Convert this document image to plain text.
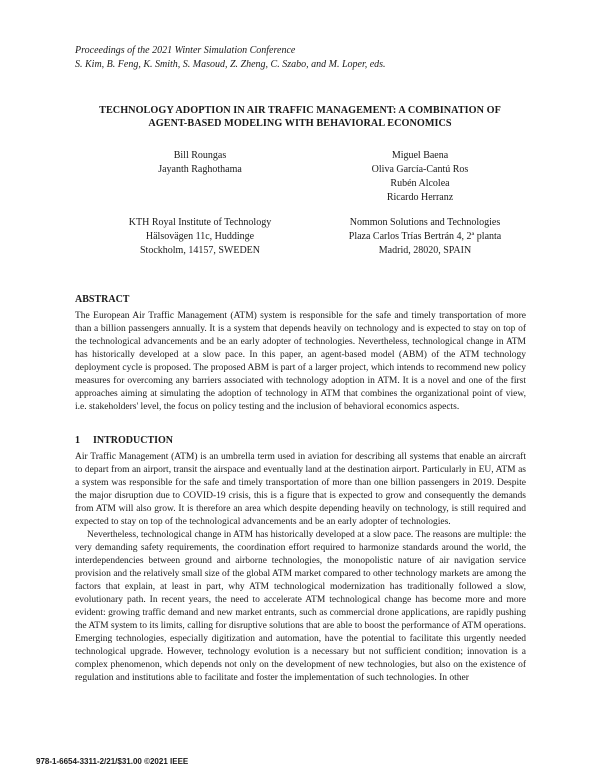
Proceedings of the 2021 Winter Simulation Conference
S. Kim, B. Feng, K. Smith, S. Masoud, Z. Zheng, C. Szabo, and M. Loper, eds.
TECHNOLOGY ADOPTION IN AIR TRAFFIC MANAGEMENT: A COMBINATION OF
AGENT-BASED MODELING WITH BEHAVIORAL ECONOMICS
Bill Roungas
Jayanth Raghothama
Miguel Baena
Oliva García-Cantú Ros
Rubén Alcolea
Ricardo Herranz
KTH Royal Institute of Technology
Hälsovägen 11c, Huddinge
Stockholm, 14157, SWEDEN
Nommon Solutions and Technologies
Plaza Carlos Trías Bertrán 4, 2ª planta
Madrid, 28020, SPAIN
ABSTRACT

The European Air Traffic Management (ATM) system is responsible for the safe and timely transportation of more than a billion passengers annually. It is a system that depends heavily on technology and is expected to stay on top of the technological advancements and be an early adopter of technologies. Nevertheless, technological change in ATM has historically developed at a slow pace. In this paper, an agent-based model (ABM) of the ATM technology deployment cycle is proposed. The proposed ABM is part of a larger project, which intends to recommend new policy measures for overcoming any barriers associated with technology adoption in ATM. It is a novel and one of the first approaches aiming at simulating the adoption of technology in ATM that combines the organizational point of view, i.e. stakeholders' level, the focus on policy testing and the inclusion of behavioral economics aspects.

1 INTRODUCTION

Air Traffic Management (ATM) is an umbrella term used in aviation for describing all systems that enable an aircraft to depart from an airport, transit the airspace and eventually land at the destination airport. Particularly in EU, ATM as a system was responsible for the safe and timely transportation of more than one billion passengers in 2019. Despite the major disruption due to COVID-19 crisis, this is a figure that is expected to grow and consequently the demands from ATM will also grow. It is therefore an area which despite depending heavily on technology, is still required and expected to stay on top of the technological advancements and be an early adopter of technologies.

Nevertheless, technological change in ATM has historically developed at a slow pace. The reasons are multiple: the very demanding safety requirements, the coordination effort required to harmonize standards around the world, the interdependencies between ground and airborne technologies, the monopolistic nature of air navigation service provision and the relatively small size of the global ATM market compared to other technology markets are among the factors that explain, at least in part, why ATM technological modernization has traditionally followed a slow, evolutionary path. In recent years, the need to accelerate ATM technological change has become more and more evident: growing traffic demand and new market entrants, such as commercial drone applications, are rapidly pushing the ATM system to its limits, calling for disruptive solutions that are able to boost the performance of ATM operations. Emerging technologies, especially digitization and automation, have the potential to facilitate this urgently needed technological upgrade. However, technology evolution is a necessary but not sufficient condition; innovation is a complex phenomenon, which depends not only on the development of new technologies, but also on the existence of regulation and institutions able to facilitate and foster the implementation of such technologies. In other

978-1-6654-3311-2/21/$31.00 ©2021 IEEE
